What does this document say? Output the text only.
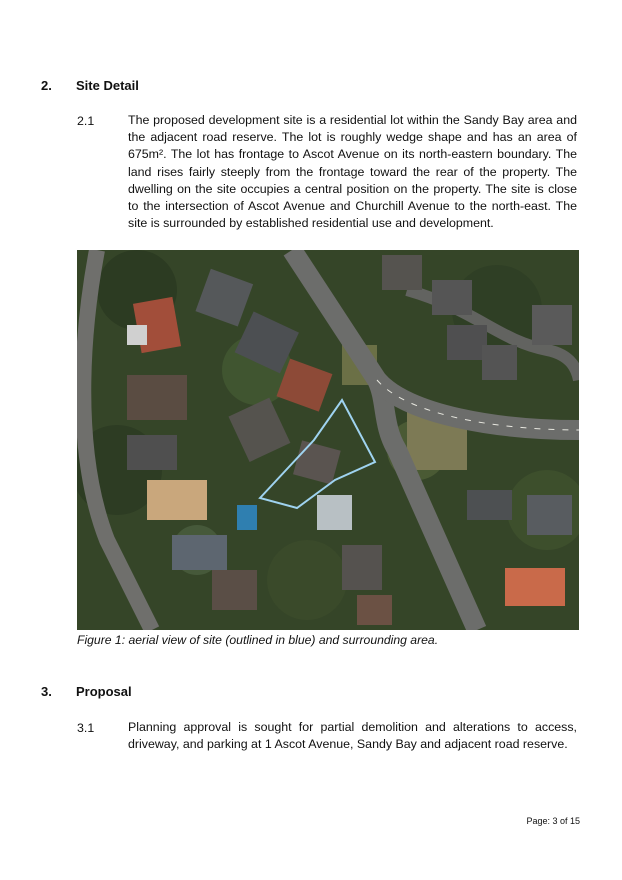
2. Site Detail
2.1	The proposed development site is a residential lot within the Sandy Bay area and the adjacent road reserve. The lot is roughly wedge shape and has an area of 675m². The lot has frontage to Ascot Avenue on its north-eastern boundary. The land rises fairly steeply from the frontage toward the rear of the property. The dwelling on the site occupies a central position on the property. The site is close to the intersection of Ascot Avenue and Churchill Avenue to the north-east. The site is surrounded by established residential use and development.

Figure 1: aerial view of site (outlined in blue) and surrounding area.
3. Proposal
3.1	Planning approval is sought for partial demolition and alterations to access, driveway, and parking at 1 Ascot Avenue, Sandy Bay and adjacent road reserve.

Page: 3 of 15
